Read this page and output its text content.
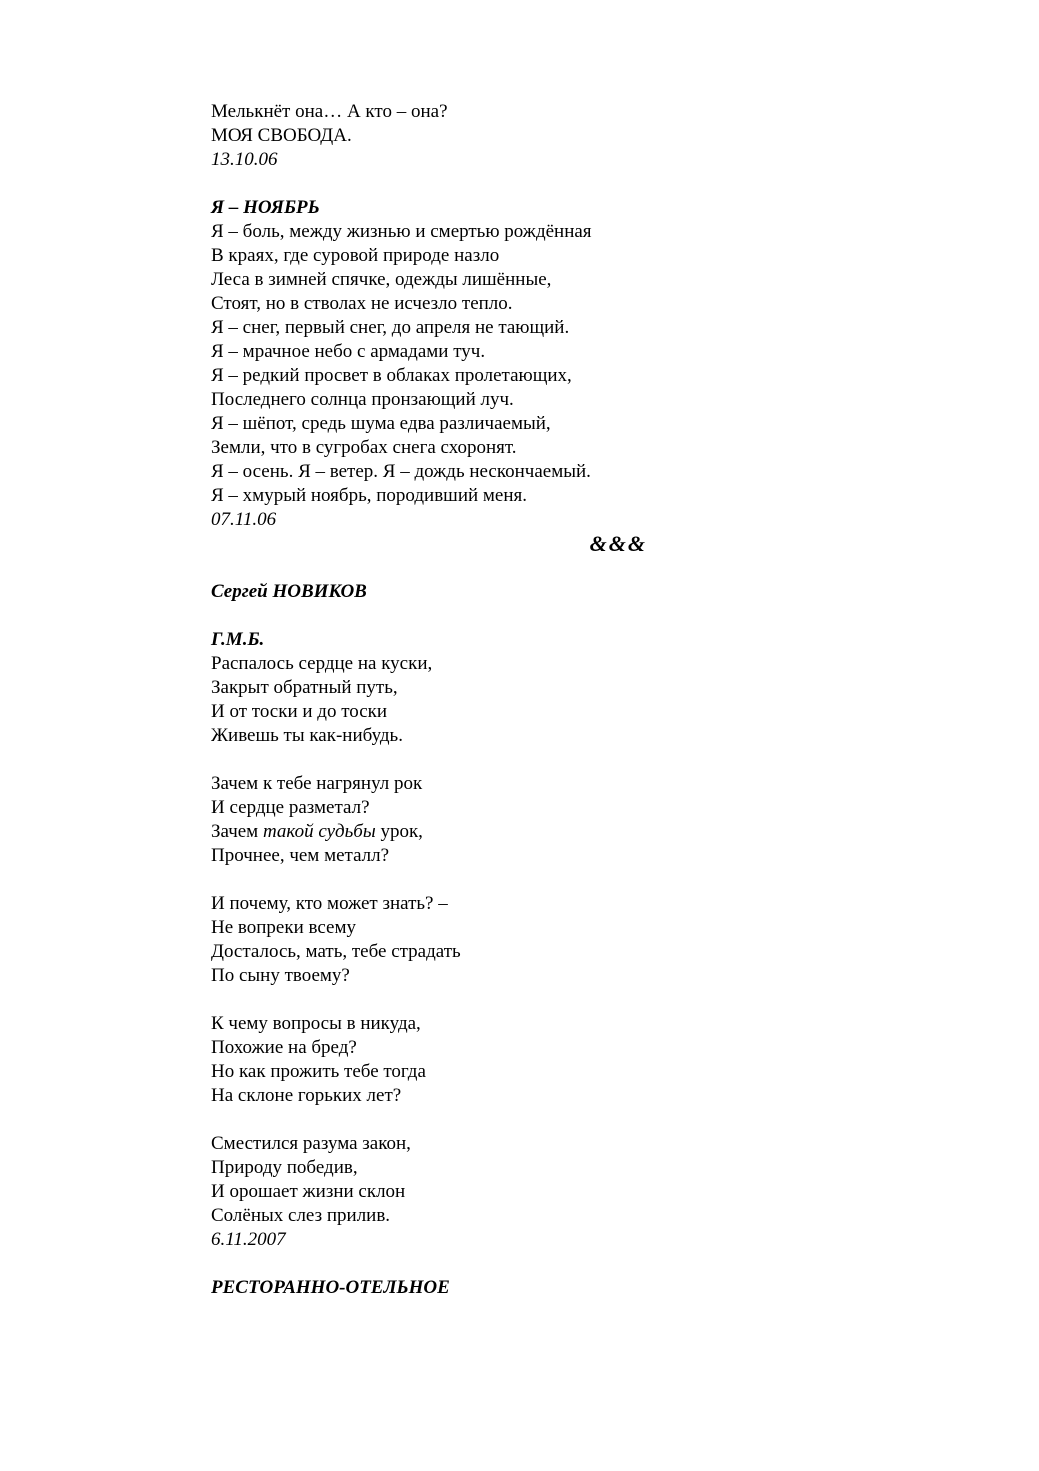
Мелькнёт она… А кто – она?
МОЯ СВОБОДА.
13.10.06
Я – НОЯБРЬ
Я – боль, между жизнью и смертью рождённая
В краях, где суровой природе назло
Леса в зимней спячке, одежды лишённые,
Стоят, но в стволах не исчезло тепло.
Я – снег, первый снег, до апреля не тающий.
Я – мрачное небо с армадами туч.
Я – редкий просвет в облаках пролетающих,
Последнего солнца пронзающий луч.
Я – шёпот, средь шума едва различаемый,
Земли, что в сугробах снега схоронят.
Я – осень. Я – ветер. Я – дождь нескончаемый.
Я – хмурый ноябрь, породивший меня.
07.11.06
&&&
Сергей НОВИКОВ
Г.М.Б.
Распалось сердце на куски,
Закрыт обратный путь,
И от тоски и до тоски
Живешь ты как-нибудь.
Зачем к тебе нагрянул рок
И сердце разметал?
Зачем такой судьбы урок,
Прочнее, чем металл?
И почему, кто может знать? –
Не вопреки всему
Досталось, мать, тебе страдать
По сыну твоему?
К чему вопросы в никуда,
Похожие на бред?
Но как прожить тебе тогда
На склоне горьких лет?
Сместился разума закон,
Природу победив,
И орошает жизни склон
Солёных слез прилив.
6.11.2007
РЕСТОРАННО-ОТЕЛЬНОЕ
